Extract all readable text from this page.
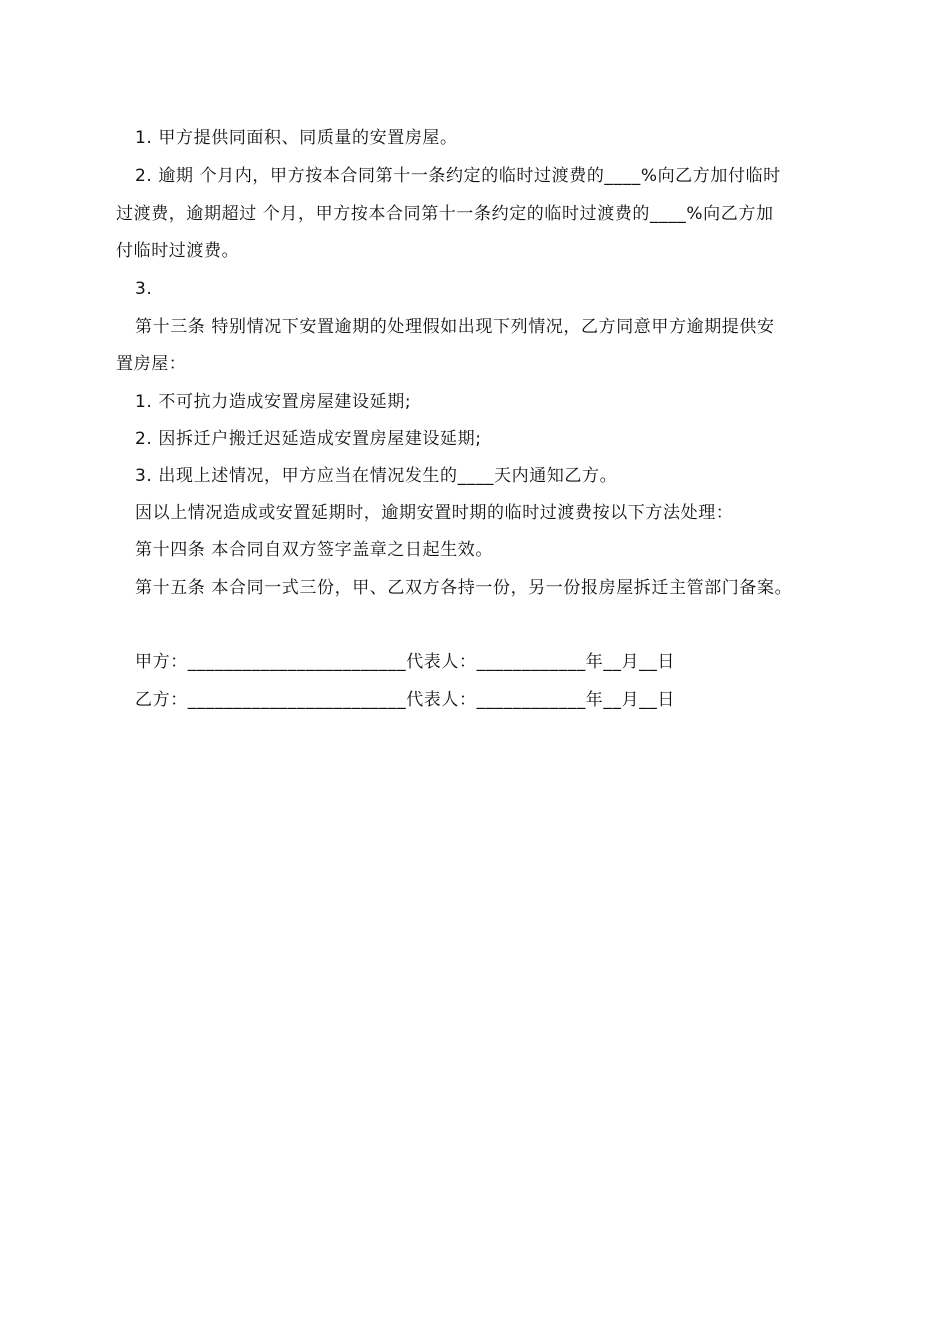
1. 甲方提供同面积、同质量的安置房屋。
2. 逾期 个月内，甲方按本合同第十一条约定的临时过渡费的____%向乙方加付临时
过渡费，逾期超过 个月，甲方按本合同第十一条约定的临时过渡费的____%向乙方加
付临时过渡费。
3.
第十三条 特别情况下安置逾期的处理假如出现下列情况，乙方同意甲方逾期提供安
置房屋：
1. 不可抗力造成安置房屋建设延期;
2. 因拆迁户搬迁迟延造成安置房屋建设延期;
3. 出现上述情况，甲方应当在情况发生的____天内通知乙方。
因以上情况造成或安置延期时，逾期安置时期的临时过渡费按以下方法处理：
第十四条 本合同自双方签字盖章之日起生效。
第十五条 本合同一式三份，甲、乙双方各持一份，另一份报房屋拆迁主管部门备案。
甲方：________________________代表人：____________年__月__日
乙方：________________________代表人：____________年__月__日
